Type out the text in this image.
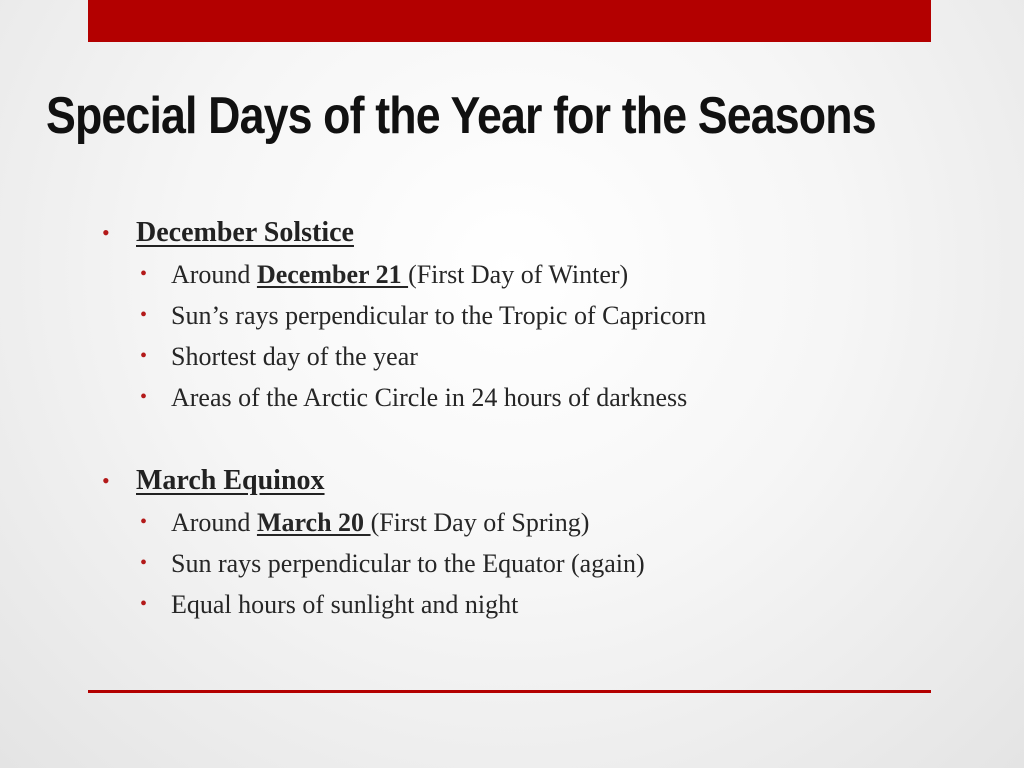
Special Days of the Year for the Seasons
• December Solstice
• Around December 21 (First Day of Winter)
• Sun’s rays perpendicular to the Tropic of Capricorn
• Shortest day of the year
• Areas of the Arctic Circle in 24 hours of darkness
• March Equinox
• Around March 20 (First Day of Spring)
• Sun rays perpendicular to the Equator (again)
• Equal hours of sunlight and night
